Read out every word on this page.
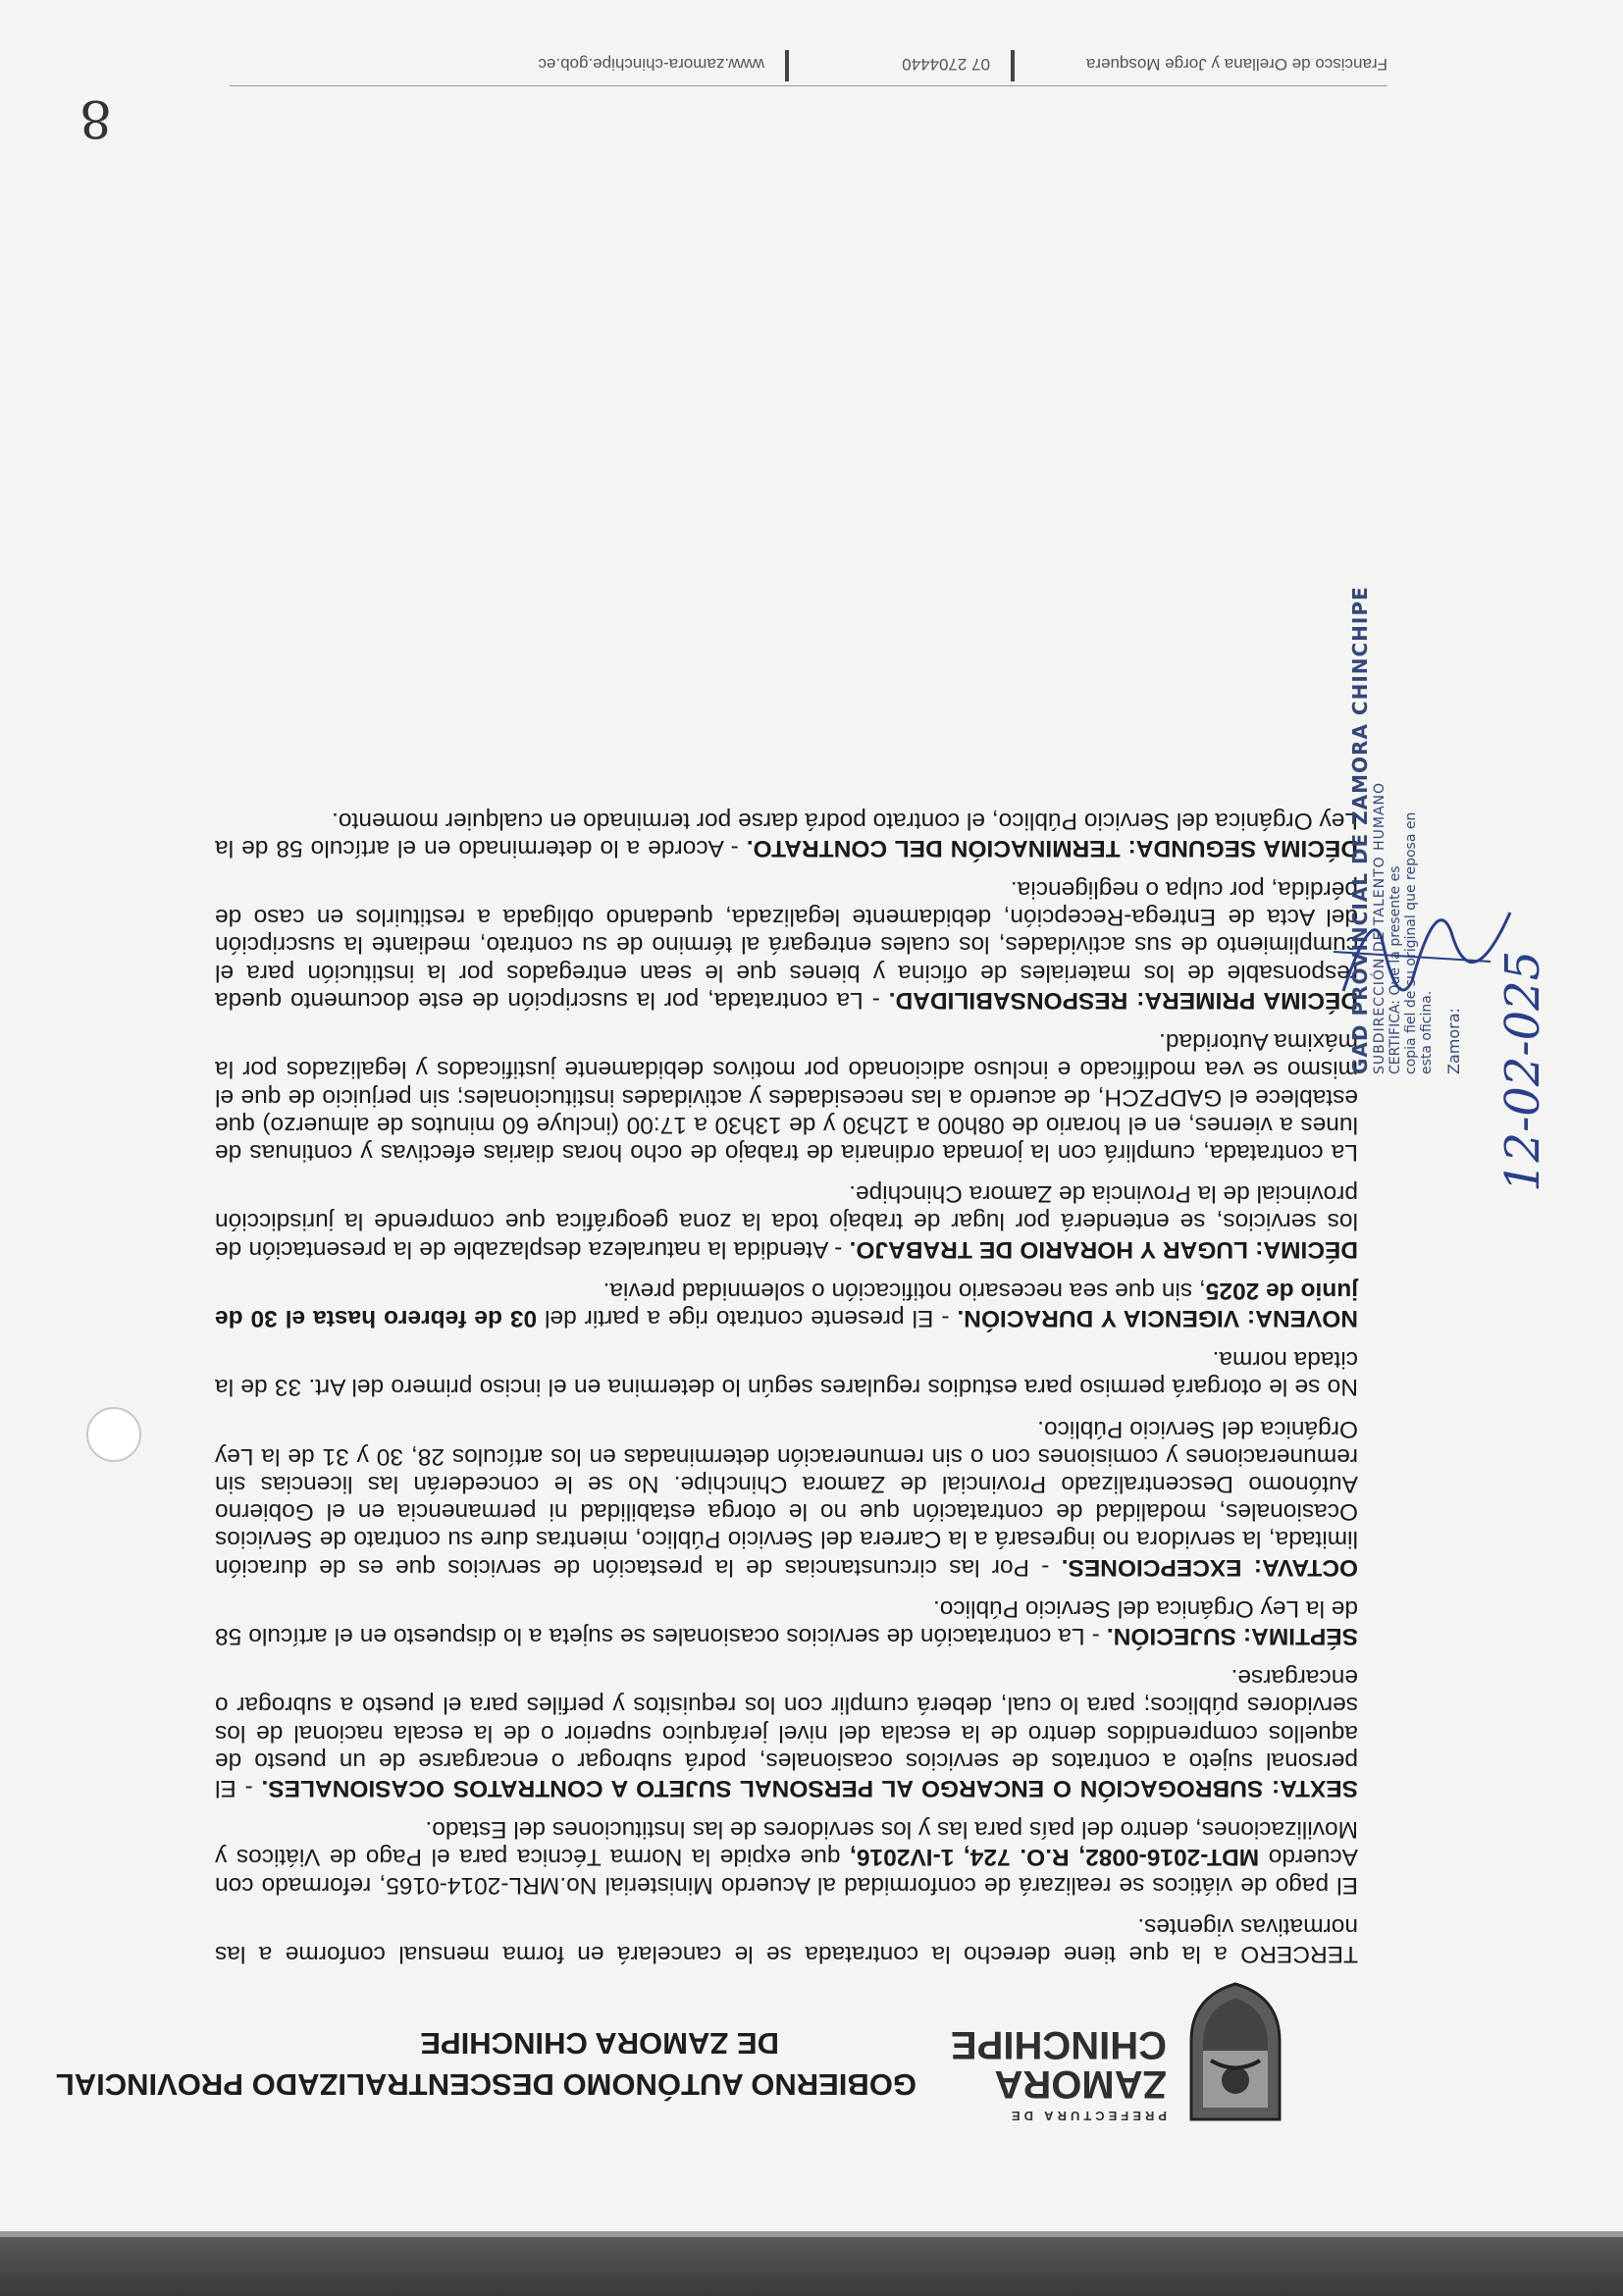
PREFECTURA DE
ZAMORA
CHINCHIPE
GOBIERNO AUTÓNOMO DESCENTRALIZADO PROVINCIAL
DE ZAMORA CHINCHIPE

TERCERO a la que tiene derecho la contratada se le cancelará en forma mensual conforme a las normativas vigentes.

El pago de viáticos se realizará de conformidad al Acuerdo Ministerial No.MRL-2014-0165, reformado con Acuerdo MDT-2016-0082, R.O. 724, 1-IV2016, que expide la Norma Técnica para el Pago de Viáticos y Movilizaciones, dentro del país para las y los servidores de las Instituciones del Estado.

SEXTA: SUBROGACIÓN O ENCARGO AL PERSONAL SUJETO A CONTRATOS OCASIONALES. - El personal sujeto a contratos de servicios ocasionales, podrá subrogar o encargarse de un puesto de aquellos comprendidos dentro de la escala del nivel jerárquico superior o de la escala nacional de los servidores públicos; para lo cual, deberá cumplir con los requisitos y perfiles para el puesto a subrogar o encargarse.

SÉPTIMA: SUJECIÓN. - La contratación de servicios ocasionales se sujeta a lo dispuesto en el artículo 58 de la Ley Orgánica del Servicio Público.

OCTAVA: EXCEPCIONES. - Por las circunstancias de la prestación de servicios que es de duración limitada, la servidora no ingresará a la Carrera del Servicio Público, mientras dure su contrato de Servicios Ocasionales, modalidad de contratación que no le otorga estabilidad ni permanencia en el Gobierno Autónomo Descentralizado Provincial de Zamora Chinchipe. No se le concederán las licencias sin remuneraciones y comisiones con o sin remuneración determinadas en los artículos 28, 30 y 31 de la Ley Orgánica del Servicio Público.

No se le otorgará permiso para estudios regulares según lo determina en el inciso primero del Art. 33 de la citada norma.

NOVENA: VIGENCIA Y DURACIÓN. - El presente contrato rige a partir del 03 de febrero hasta el 30 de junio de 2025, sin que sea necesario notificación o solemnidad previa.

DÉCIMA: LUGAR Y HORARIO DE TRABAJO. - Atendida la naturaleza desplazable de la presentación de los servicios, se entenderá por lugar de trabajo toda la zona geográfica que comprende la jurisdicción provincial de la Provincia de Zamora Chinchipe.

La contratada, cumplirá con la jornada ordinaria de trabajo de ocho horas diarias efectivas y continuas de lunes a viernes, en el horario de 08h00 a 12h30 y de 13h30 a 17:00 (incluye 60 minutos de almuerzo) que establece el GADPZCH, de acuerdo a las necesidades y actividades institucionales; sin perjuicio de que el mismo se vea modificado e incluso adicionado por motivos debidamente justificados y legalizados por la máxima Autoridad.

DÉCIMA PRIMERA: RESPONSABILIDAD. - La contratada, por la suscripción de este documento queda responsable de los materiales de oficina y bienes que le sean entregados por la institución para el cumplimiento de sus actividades, los cuales entregará al término de su contrato, mediante la suscripción del Acta de Entrega-Recepción, debidamente legalizada, quedando obligada a restituirlos en caso de pérdida, por culpa o negligencia.

DÉCIMA SEGUNDA: TERMINACIÓN DEL CONTRATO. - Acorde a lo determinado en el artículo 58 de la Ley Orgánica del Servicio Público, el contrato podrá darse por terminado en cualquier momento.

GAD PROVINCIAL DE ZAMORA CHINCHIPE SUBDIRECCIÓN DE TALENTO HUMANO CERTIFICA: Que la presente es copia fiel de su original que reposa en esta oficina. Zamora: 12-02-025
Francisco de Orellana y Jorge Mosquera
07 2704440
www.zamora-chinchipe.gob.ec
8
